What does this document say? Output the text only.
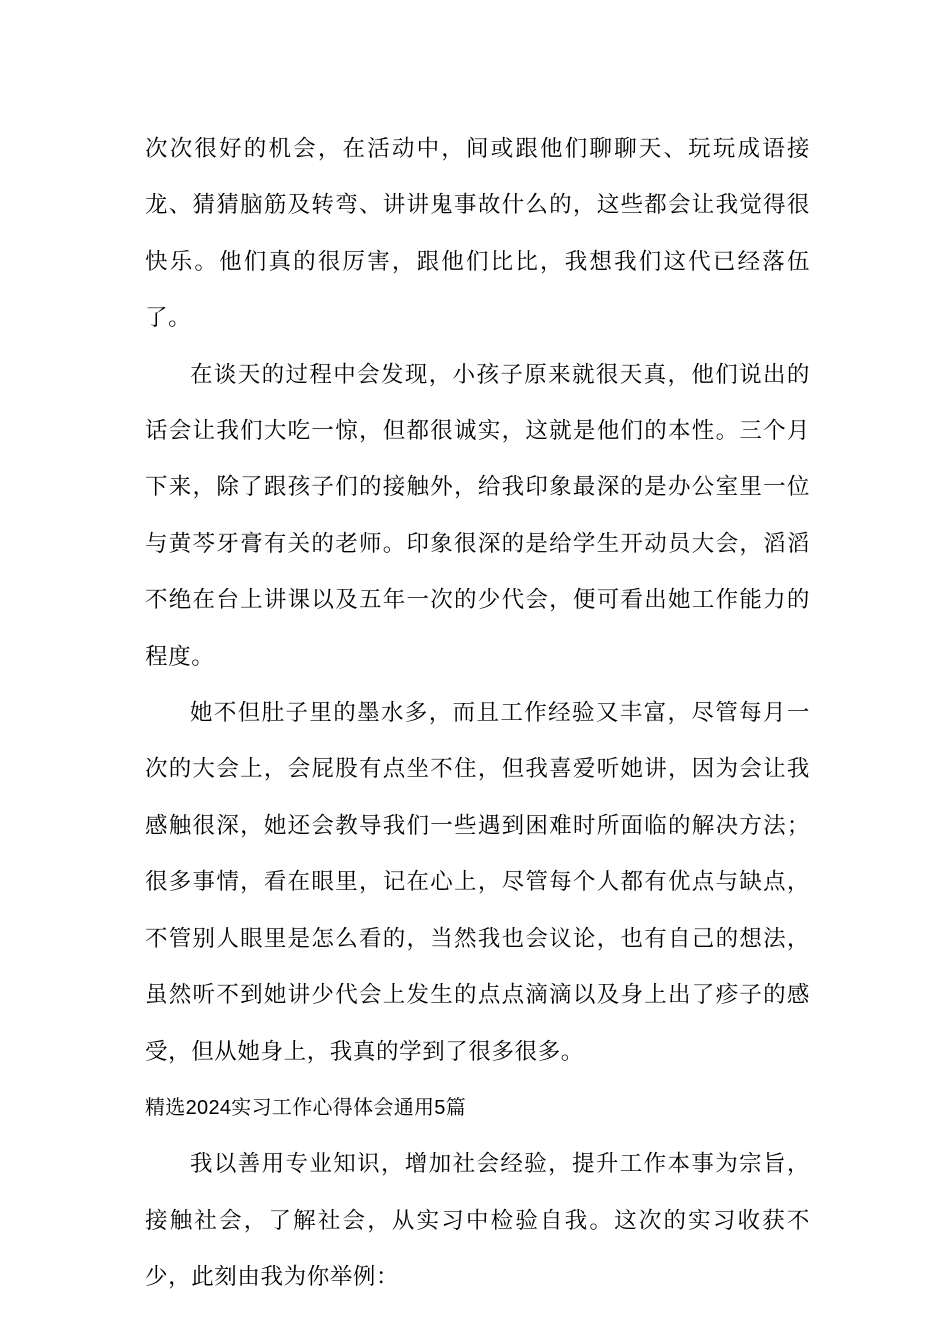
次次很好的机会，在活动中，间或跟他们聊聊天、玩玩成语接龙、猜猜脑筋及转弯、讲讲鬼事故什么的，这些都会让我觉得很快乐。他们真的很厉害，跟他们比比，我想我们这代已经落伍了。

在谈天的过程中会发现，小孩子原来就很天真，他们说出的话会让我们大吃一惊，但都很诚实，这就是他们的本性。三个月下来，除了跟孩子们的接触外，给我印象最深的是办公室里一位与黄芩牙膏有关的老师。印象很深的是给学生开动员大会，滔滔不绝在台上讲课以及五年一次的少代会，便可看出她工作能力的程度。

她不但肚子里的墨水多，而且工作经验又丰富，尽管每月一次的大会上，会屁股有点坐不住，但我喜爱听她讲，因为会让我感触很深，她还会教导我们一些遇到困难时所面临的解决方法；很多事情，看在眼里，记在心上，尽管每个人都有优点与缺点，不管别人眼里是怎么看的，当然我也会议论，也有自己的想法，虽然听不到她讲少代会上发生的点点滴滴以及身上出了疹子的感受，但从她身上，我真的学到了很多很多。

精选2024实习工作心得体会通用5篇

我以善用专业知识，增加社会经验，提升工作本事为宗旨，接触社会，了解社会，从实习中检验自我。这次的实习收获不少，此刻由我为你举例：
